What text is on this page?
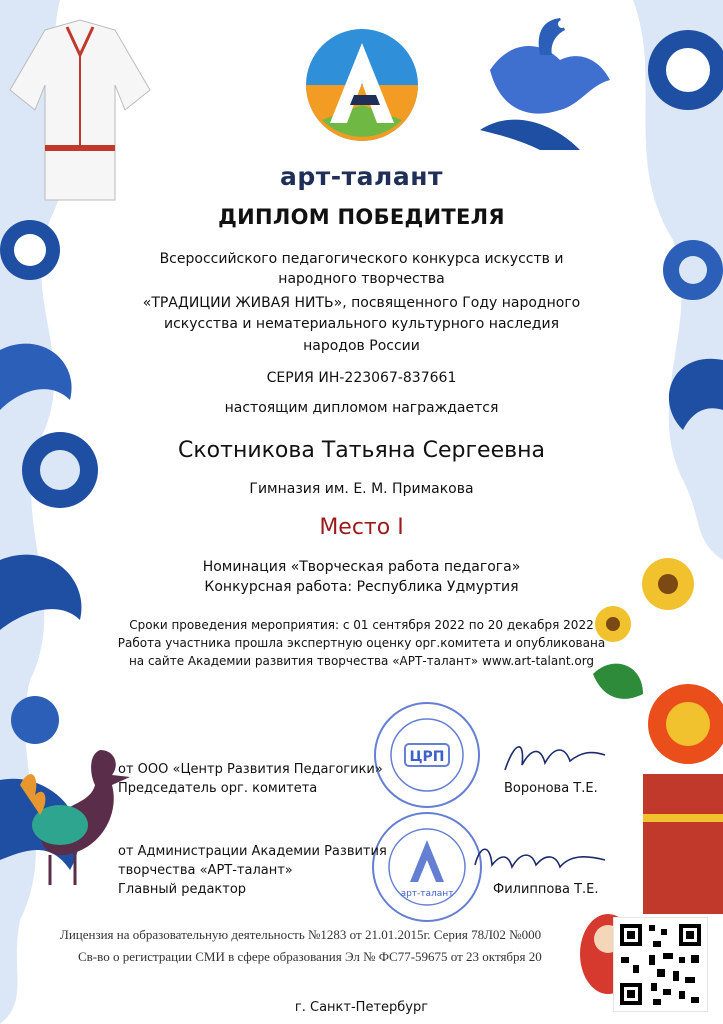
арт-талант
ДИПЛОМ ПОБЕДИТЕЛЯ
Всероссийского педагогического конкурса искусств и
народного творчества
«ТРАДИЦИИ ЖИВАЯ НИТЬ», посвященного Году народного
искусства и нематериального культурного наследия
народов России
СЕРИЯ ИН-223067-837661
настоящим дипломом награждается
Скотникова Татьяна Сергеевна
Гимназия им. Е. М. Примакова
Место I
Номинация «Творческая работа педагога»
Конкурсная работа: Республика Удмуртия
Сроки проведения мероприятия: с 01 сентября 2022 по 20 декабря 2022
Работа участника прошла экспертную оценку орг.комитета и опубликована
на сайте Академии развития творчества «АРТ-талант» www.art-talant.org
ЦРП
арт-талант
от ООО «Центр Развития Педагогики»
Председатель орг. комитета	Воронова Т.Е.
от Администрации Академии Развития
творчества «АРТ-талант»
Главный редактор	Филиппова Т.Е.
Лицензия на образовательную деятельность №1283 от 21.01.2015г. Серия 78Л02 №000
Св-во о регистрации СМИ в сфере образования Эл № ФС77-59675 от 23 октября 20
г. Санкт-Петербург
